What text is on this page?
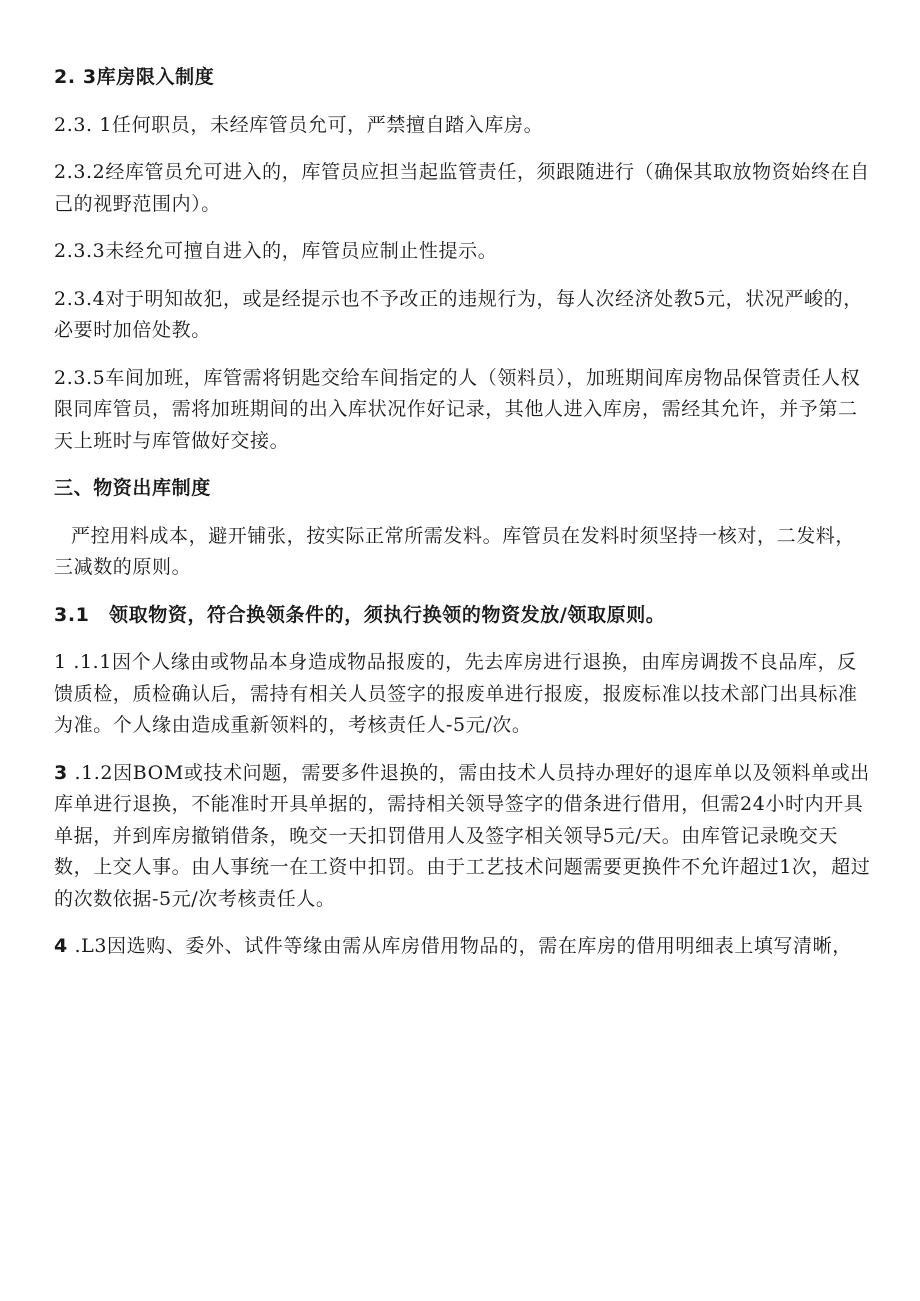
2. 3库房限入制度

2.3. 1任何职员，未经库管员允可，严禁擅自踏入库房。

2.3.2经库管员允可进入的，库管员应担当起监管责任，须跟随进行（确保其取放物资始终在自己的视野范围内）。

2.3.3未经允可擅自进入的，库管员应制止性提示。

2.3.4对于明知故犯，或是经提示也不予改正的违规行为，每人次经济处教5元，状况严峻的，必要时加倍处教。

2.3.5车间加班，库管需将钥匙交给车间指定的人（领料员），加班期间库房物品保管责任人权限同库管员，需将加班期间的出入库状况作好记录，其他人进入库房，需经其允许，并予第二天上班时与库管做好交接。

三、物资出库制度

严控用料成本，避开铺张，按实际正常所需发料。库管员在发料时须坚持一核对，二发料，三减数的原则。

3.1　领取物资，符合换领条件的，须执行换领的物资发放/领取原则。

1 .1.1因个人缘由或物品本身造成物品报废的，先去库房进行退换，由库房调拨不良品库，反馈质检，质检确认后，需持有相关人员签字的报废单进行报废，报废标准以技术部门出具标准为准。个人缘由造成重新领料的，考核责任人-5元/次。

3 .1.2因BOM或技术问题，需要多件退换的，需由技术人员持办理好的退库单以及领料单或出库单进行退换，不能准时开具单据的，需持相关领导签字的借条进行借用，但需24小时内开具单据，并到库房撤销借条，晚交一天扣罚借用人及签字相关领导5元/天。由库管记录晚交天数，上交人事。由人事统一在工资中扣罚。由于工艺技术问题需要更换件不允许超过1次，超过的次数依据-5元/次考核责任人。

4 .L3因选购、委外、试件等缘由需从库房借用物品的，需在库房的借用明细表上填写清晰，
